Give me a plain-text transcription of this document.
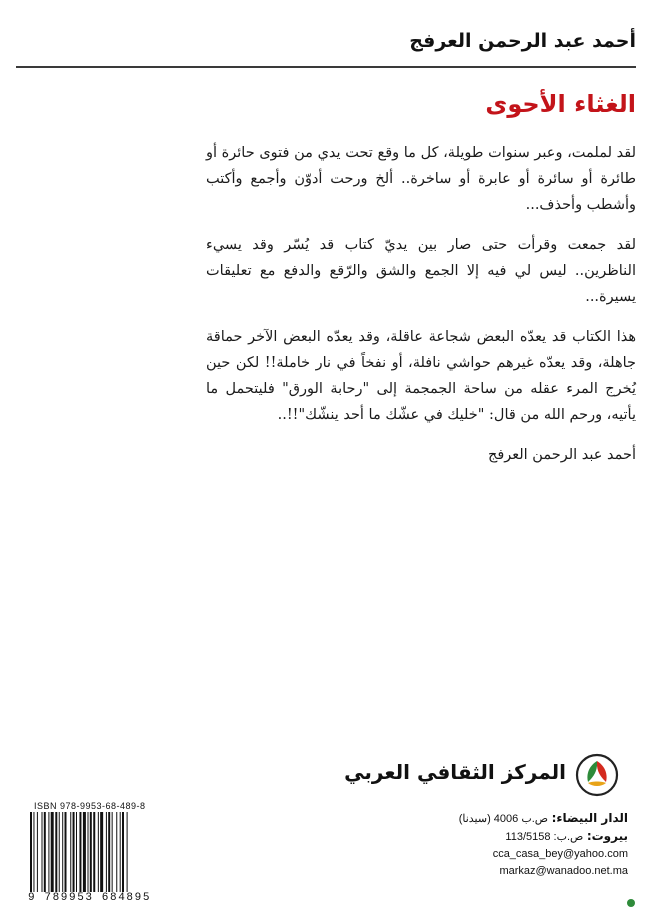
أحمد عبد الرحمن العرفج
الغثاء الأحوى

لقد لملمت، وعبر سنوات طويلة، كل ما وقع تحت يدي من فتوى حائرة أو طائرة أو سائرة أو عابرة أو ساخرة.. ألخ ورحت أدوّن وأجمع وأكتب وأشطب وأحذف...

لقد جمعت وقرأت حتى صار بين يديّ كتاب قد يُسّر وقد يسيء الناظرين.. ليس لي فيه إلا الجمع والشق والرّقع والدفع مع تعليقات يسيرة...

هذا الكتاب قد يعدّه البعض شجاعة عاقلة، وقد يعدّه البعض الآخر حماقة جاهلة، وقد يعدّه غيرهم حواشي نافلة، أو نفخاً في نار خاملة!! لكن حين يُخرج المرء عقله من ساحة الجمجمة إلى "رحابة الورق" فليتحمل ما يأتيه، ورحم الله من قال: "خليك في عشّك ما أحد ينشّك"!!..

أحمد عبد الرحمن العرفج

المركز الثقافي العربي
الدار البيضاء: ص.ب 4006 (سيدنا)
بيروت: ص.ب: 113/5158
cca_casa_bey@yahoo.com
markaz@wanadoo.net.ma
ISBN 978-9953-68-489-8
9 789953 684895
